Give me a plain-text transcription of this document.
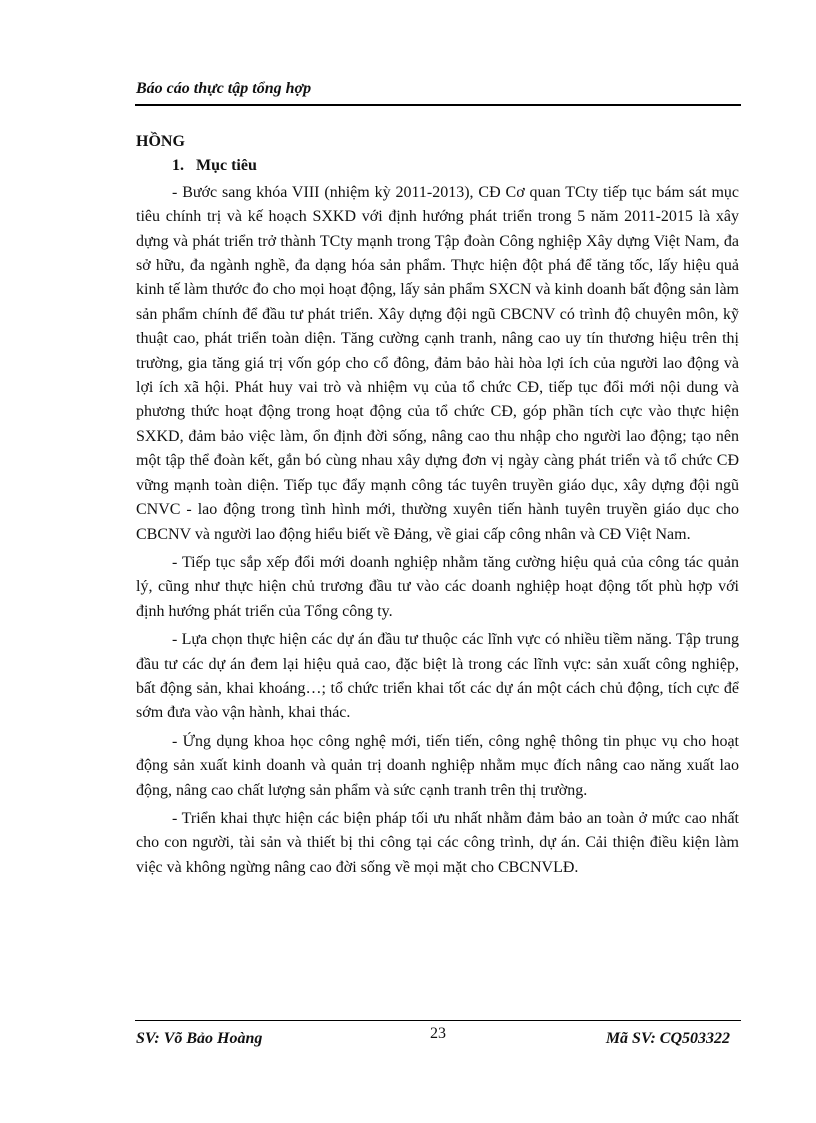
Báo cáo thực tập tổng hợp

HỒNG

1. Mục tiêu

- Bước sang khóa VIII (nhiệm kỳ 2011-2013), CĐ Cơ quan TCty tiếp tục bám sát mục tiêu chính trị và kế hoạch SXKD với định hướng phát triển trong 5 năm 2011-2015 là xây dựng và phát triển trở thành TCty mạnh trong Tập đoàn Công nghiệp Xây dựng Việt Nam, đa sở hữu, đa ngành nghề, đa dạng hóa sản phẩm. Thực hiện đột phá để tăng tốc, lấy hiệu quả kinh tế làm thước đo cho mọi hoạt động, lấy sản phẩm SXCN và kinh doanh bất động sản làm sản phẩm chính để đầu tư phát triển. Xây dựng đội ngũ CBCNV có trình độ chuyên môn, kỹ thuật cao, phát triển toàn diện. Tăng cường cạnh tranh, nâng cao uy tín thương hiệu trên thị trường, gia tăng giá trị vốn góp cho cổ đông, đảm bảo hài hòa lợi ích của người lao động và lợi ích xã hội. Phát huy vai trò và nhiệm vụ của tổ chức CĐ, tiếp tục đổi mới nội dung và phương thức hoạt động trong hoạt động của tổ chức CĐ, góp phần tích cực vào thực hiện SXKD, đảm bảo việc làm, ổn định đời sống, nâng cao thu nhập cho người lao động; tạo nên một tập thể đoàn kết, gắn bó cùng nhau xây dựng đơn vị ngày càng phát triển và tổ chức CĐ vững mạnh toàn diện. Tiếp tục đẩy mạnh công tác tuyên truyền giáo dục, xây dựng đội ngũ CNVC - lao động trong tình hình mới, thường xuyên tiến hành tuyên truyền giáo dục cho CBCNV và người lao động hiểu biết về Đảng, về giai cấp công nhân và CĐ Việt Nam.

- Tiếp tục sắp xếp đổi mới doanh nghiệp nhằm tăng cường hiệu quả của công tác quản lý, cũng như thực hiện chủ trương đầu tư vào các doanh nghiệp hoạt động tốt phù hợp với định hướng phát triển của Tổng công ty.

- Lựa chọn thực hiện các dự án đầu tư thuộc các lĩnh vực có nhiều tiềm năng. Tập trung đầu tư các dự án đem lại hiệu quả cao, đặc biệt là trong các lĩnh vực: sản xuất công nghiệp, bất động sản, khai khoáng…; tổ chức triển khai tốt các dự án một cách chủ động, tích cực để sớm đưa vào vận hành, khai thác.

- Ứng dụng khoa học công nghệ mới, tiến tiến, công nghệ thông tin phục vụ cho hoạt động sản xuất kinh doanh và quản trị doanh nghiệp nhằm mục đích nâng cao năng xuất lao động, nâng cao chất lượng sản phẩm và sức cạnh tranh trên thị trường.

- Triển khai thực hiện các biện pháp tối ưu nhất nhằm đảm bảo an toàn ở mức cao nhất cho con người, tài sản và thiết bị thi công tại các công trình, dự án. Cải thiện điều kiện làm việc và không ngừng nâng cao đời sống về mọi mặt cho CBCNVLĐ.

SV: Võ Bảo Hoàng	23	Mã SV: CQ503322
